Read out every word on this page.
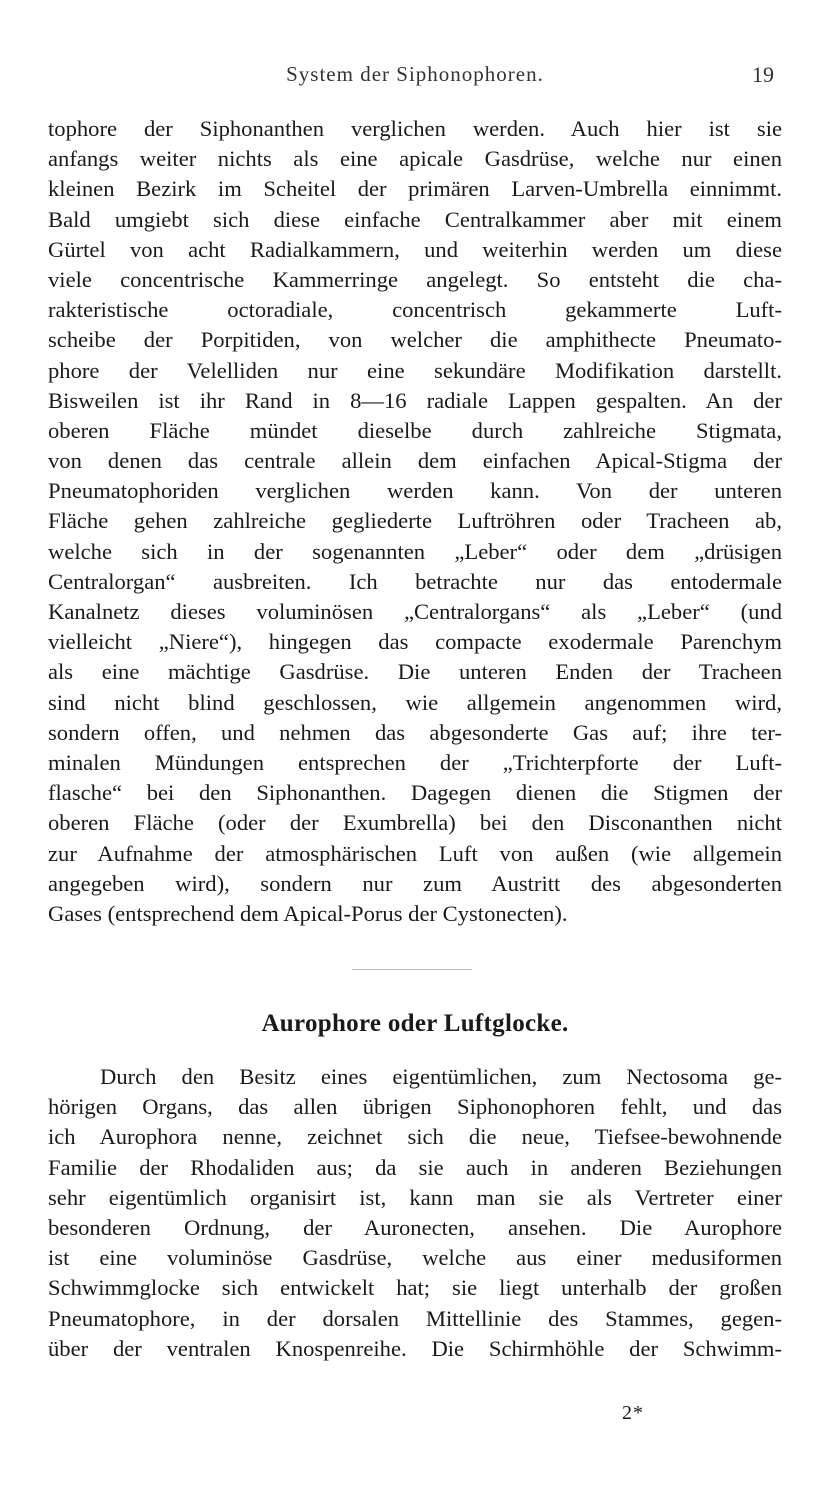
System der Siphonophoren.	19
tophore der Siphonanthen verglichen werden. Auch hier ist sie
anfangs weiter nichts als eine apicale Gasdrüse, welche nur einen
kleinen Bezirk im Scheitel der primären Larven-Umbrella einnimmt.
Bald umgiebt sich diese einfache Centralkammer aber mit einem
Gürtel von acht Radialkammern, und weiterhin werden um diese
viele concentrische Kammerringe angelegt. So entsteht die cha-
rakteristische octoradiale, concentrisch gekammerte Luft-
scheibe der Porpitiden, von welcher die amphithecte Pneumato-
phore der Velelliden nur eine sekundäre Modifikation darstellt.
Bisweilen ist ihr Rand in 8—16 radiale Lappen gespalten. An der
oberen Fläche mündet dieselbe durch zahlreiche Stigmata,
von denen das centrale allein dem einfachen Apical-Stigma der
Pneumatophoriden verglichen werden kann. Von der unteren
Fläche gehen zahlreiche gegliederte Luftröhren oder Tracheen ab,
welche sich in der sogenannten „Leber“ oder dem „drüsigen
Centralorgan“ ausbreiten. Ich betrachte nur das entodermale
Kanalnetz dieses voluminösen „Centralorgans“ als „Leber“ (und
vielleicht „Niere“), hingegen das compacte exodermale Parenchym
als eine mächtige Gasdrüse. Die unteren Enden der Tracheen
sind nicht blind geschlossen, wie allgemein angenommen wird,
sondern offen, und nehmen das abgesonderte Gas auf; ihre ter-
minalen Mündungen entsprechen der „Trichterpforte der Luft-
flasche“ bei den Siphonanthen. Dagegen dienen die Stigmen der
oberen Fläche (oder der Exumbrella) bei den Disconanthen nicht
zur Aufnahme der atmosphärischen Luft von außen (wie allgemein
angegeben wird), sondern nur zum Austritt des abgesonderten
Gases (entsprechend dem Apical-Porus der Cystonecten).
Aurophore oder Luftglocke.
Durch den Besitz eines eigentümlichen, zum Nectosoma ge-
hörigen Organs, das allen übrigen Siphonophoren fehlt, und das
ich Aurophora nenne, zeichnet sich die neue, Tiefsee-bewohnende
Familie der Rhodaliden aus; da sie auch in anderen Beziehungen
sehr eigentümlich organisirt ist, kann man sie als Vertreter einer
besonderen Ordnung, der Auronecten, ansehen. Die Aurophore
ist eine voluminöse Gasdrüse, welche aus einer medusiformen
Schwimmglocke sich entwickelt hat; sie liegt unterhalb der großen
Pneumatophore, in der dorsalen Mittellinie des Stammes, gegen-
über der ventralen Knospenreihe. Die Schirmhöhle der Schwimm-
2*
